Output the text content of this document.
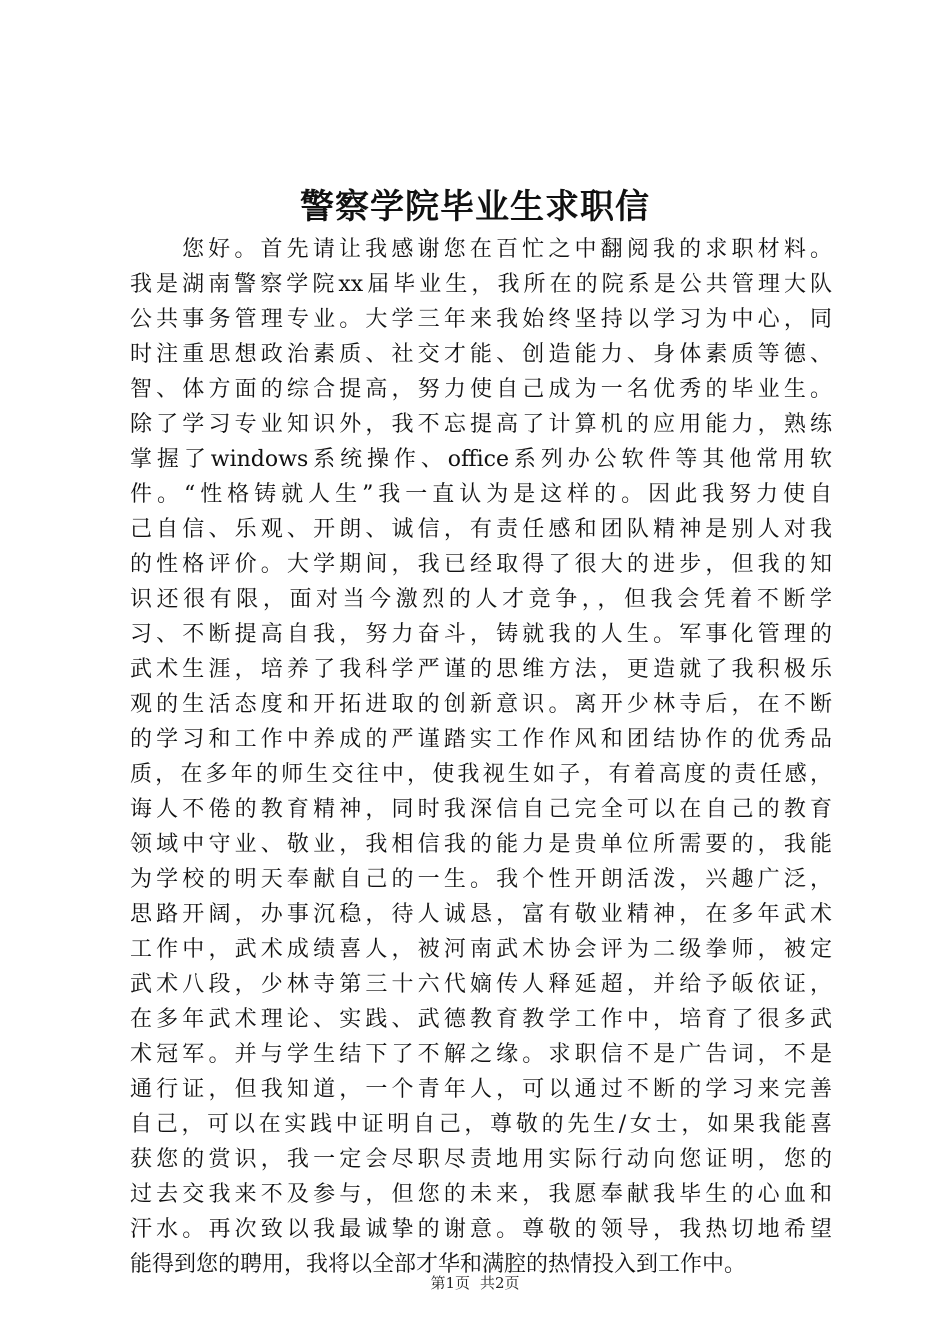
警察学院毕业生求职信
您好。首先请让我感谢您在百忙之中翻阅我的求职材料。
我是湖南警察学院xx届毕业生，我所在的院系是公共管理大队
公共事务管理专业。大学三年来我始终坚持以学习为中心，同
时注重思想政治素质、社交才能、创造能力、身体素质等德、
智、体方面的综合提高，努力使自己成为一名优秀的毕业生。
除了学习专业知识外，我不忘提高了计算机的应用能力，熟练
掌握了windows系统操作、office系列办公软件等其他常用软
件。“性格铸就人生”我一直认为是这样的。因此我努力使自
己自信、乐观、开朗、诚信，有责任感和团队精神是别人对我
的性格评价。大学期间，我已经取得了很大的进步，但我的知
识还很有限，面对当今激烈的人才竞争，，但我会凭着不断学
习、不断提高自我，努力奋斗，铸就我的人生。军事化管理的
武术生涯，培养了我科学严谨的思维方法，更造就了我积极乐
观的生活态度和开拓进取的创新意识。离开少林寺后，在不断
的学习和工作中养成的严谨踏实工作作风和团结协作的优秀品
质，在多年的师生交往中，使我视生如子，有着高度的责任感，
诲人不倦的教育精神，同时我深信自己完全可以在自己的教育
领域中守业、敬业，我相信我的能力是贵单位所需要的，我能
为学校的明天奉献自己的一生。我个性开朗活泼，兴趣广泛，
思路开阔，办事沉稳，待人诚恳，富有敬业精神，在多年武术
工作中，武术成绩喜人，被河南武术协会评为二级拳师，被定
武术八段，少林寺第三十六代嫡传人释延超，并给予皈依证，
在多年武术理论、实践、武德教育教学工作中，培育了很多武
术冠军。并与学生结下了不解之缘。求职信不是广告词，不是
通行证，但我知道，一个青年人，可以通过不断的学习来完善
自己，可以在实践中证明自己，尊敬的先生/女士，如果我能喜
获您的赏识，我一定会尽职尽责地用实际行动向您证明，您的
过去交我来不及参与，但您的未来，我愿奉献我毕生的心血和
汗水。再次致以我最诚挚的谢意。尊敬的领导，我热切地希望
能得到您的聘用，我将以全部才华和满腔的热情投入到工作中。
第1页 共2页
